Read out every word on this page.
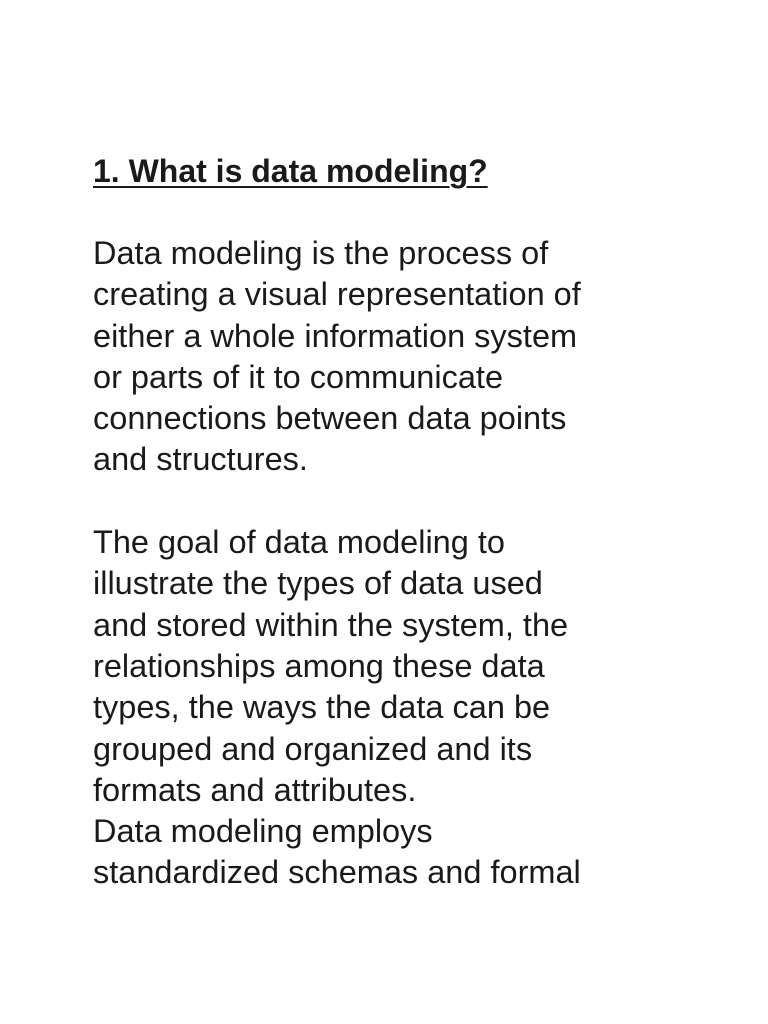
1. What is data modeling?

Data modeling is the process of
creating a visual representation of
either a whole information system
or parts of it to communicate
connections between data points
and structures.

The goal of data modeling to
illustrate the types of data used
and stored within the system, the
relationships among these data
types, the ways the data can be
grouped and organized and its
formats and attributes.

Data modeling employs
standardized schemas and formal
